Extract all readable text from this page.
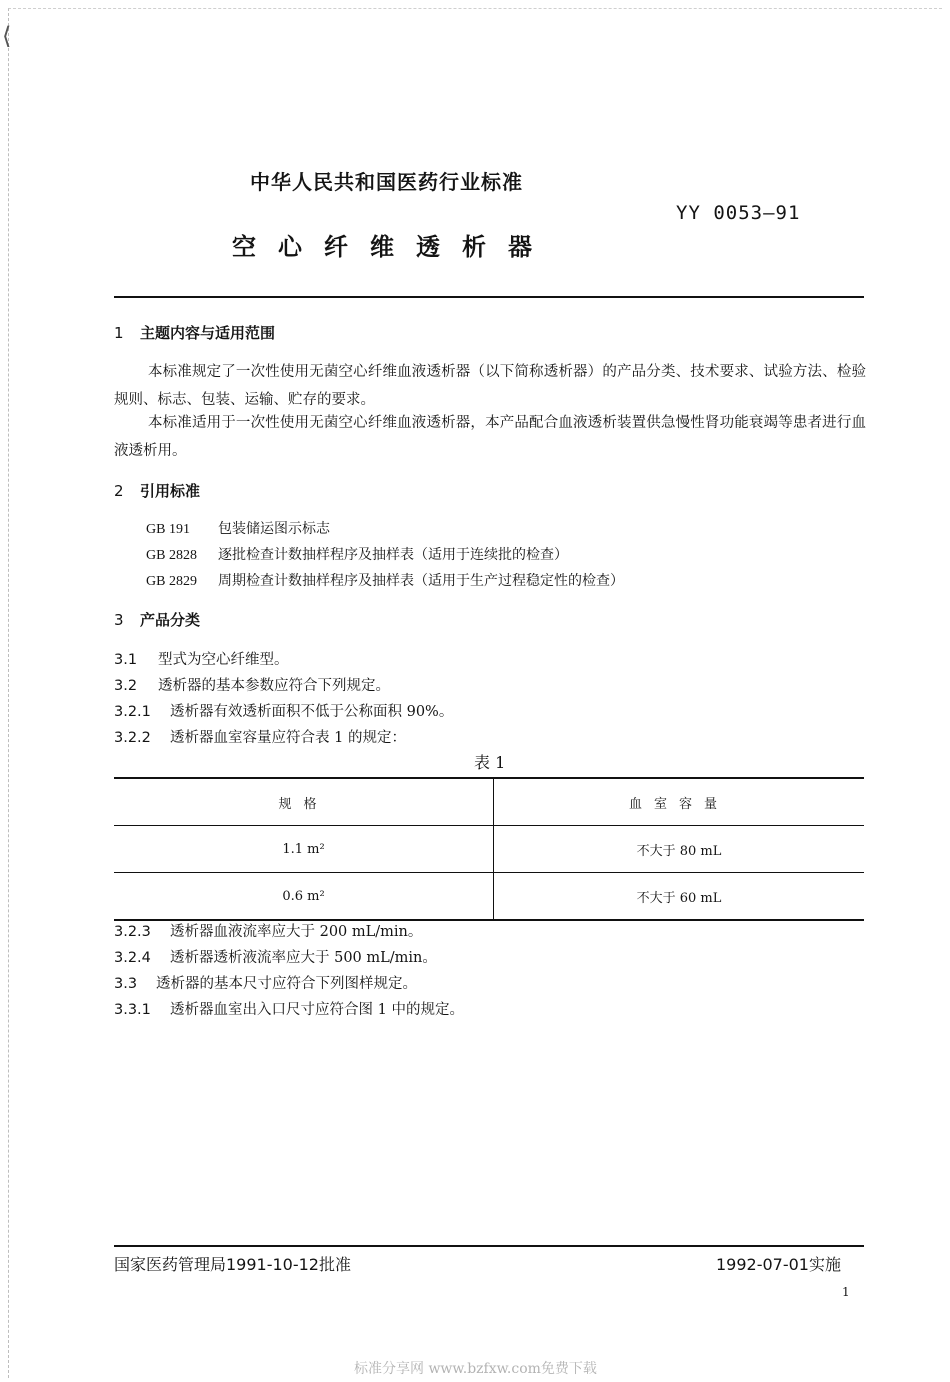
⟨
中华人民共和国医药行业标准
YY 0053—91
空心纤维透析器
1 主题内容与适用范围
本标准规定了一次性使用无菌空心纤维血液透析器（以下简称透析器）的产品分类、技术要求、试验方法、检验规则、标志、包装、运输、贮存的要求。
本标准适用于一次性使用无菌空心纤维血液透析器，本产品配合血液透析装置供急慢性肾功能衰竭等患者进行血液透析用。
2 引用标准
GB 191 包装储运图示标志
GB 2828 逐批检查计数抽样程序及抽样表（适用于连续批的检查）
GB 2829 周期检查计数抽样程序及抽样表（适用于生产过程稳定性的检查）
3 产品分类
3.1 型式为空心纤维型。
3.2 透析器的基本参数应符合下列规定。
3.2.1 透析器有效透析面积不低于公称面积 90%。
3.2.2 透析器血室容量应符合表 1 的规定：
表 1
规格	血室容量
1.1 m²	不大于 80 mL
0.6 m²	不大于 60 mL
3.2.3 透析器血液流率应大于 200 mL/min。
3.2.4 透析器透析液流率应大于 500 mL/min。
3.3 透析器的基本尺寸应符合下列图样规定。
3.3.1 透析器血室出入口尺寸应符合图 1 中的规定。
国家医药管理局1991-10-12批准	1992-07-01实施
1
标准分享网 www.bzfxw.com免费下载
